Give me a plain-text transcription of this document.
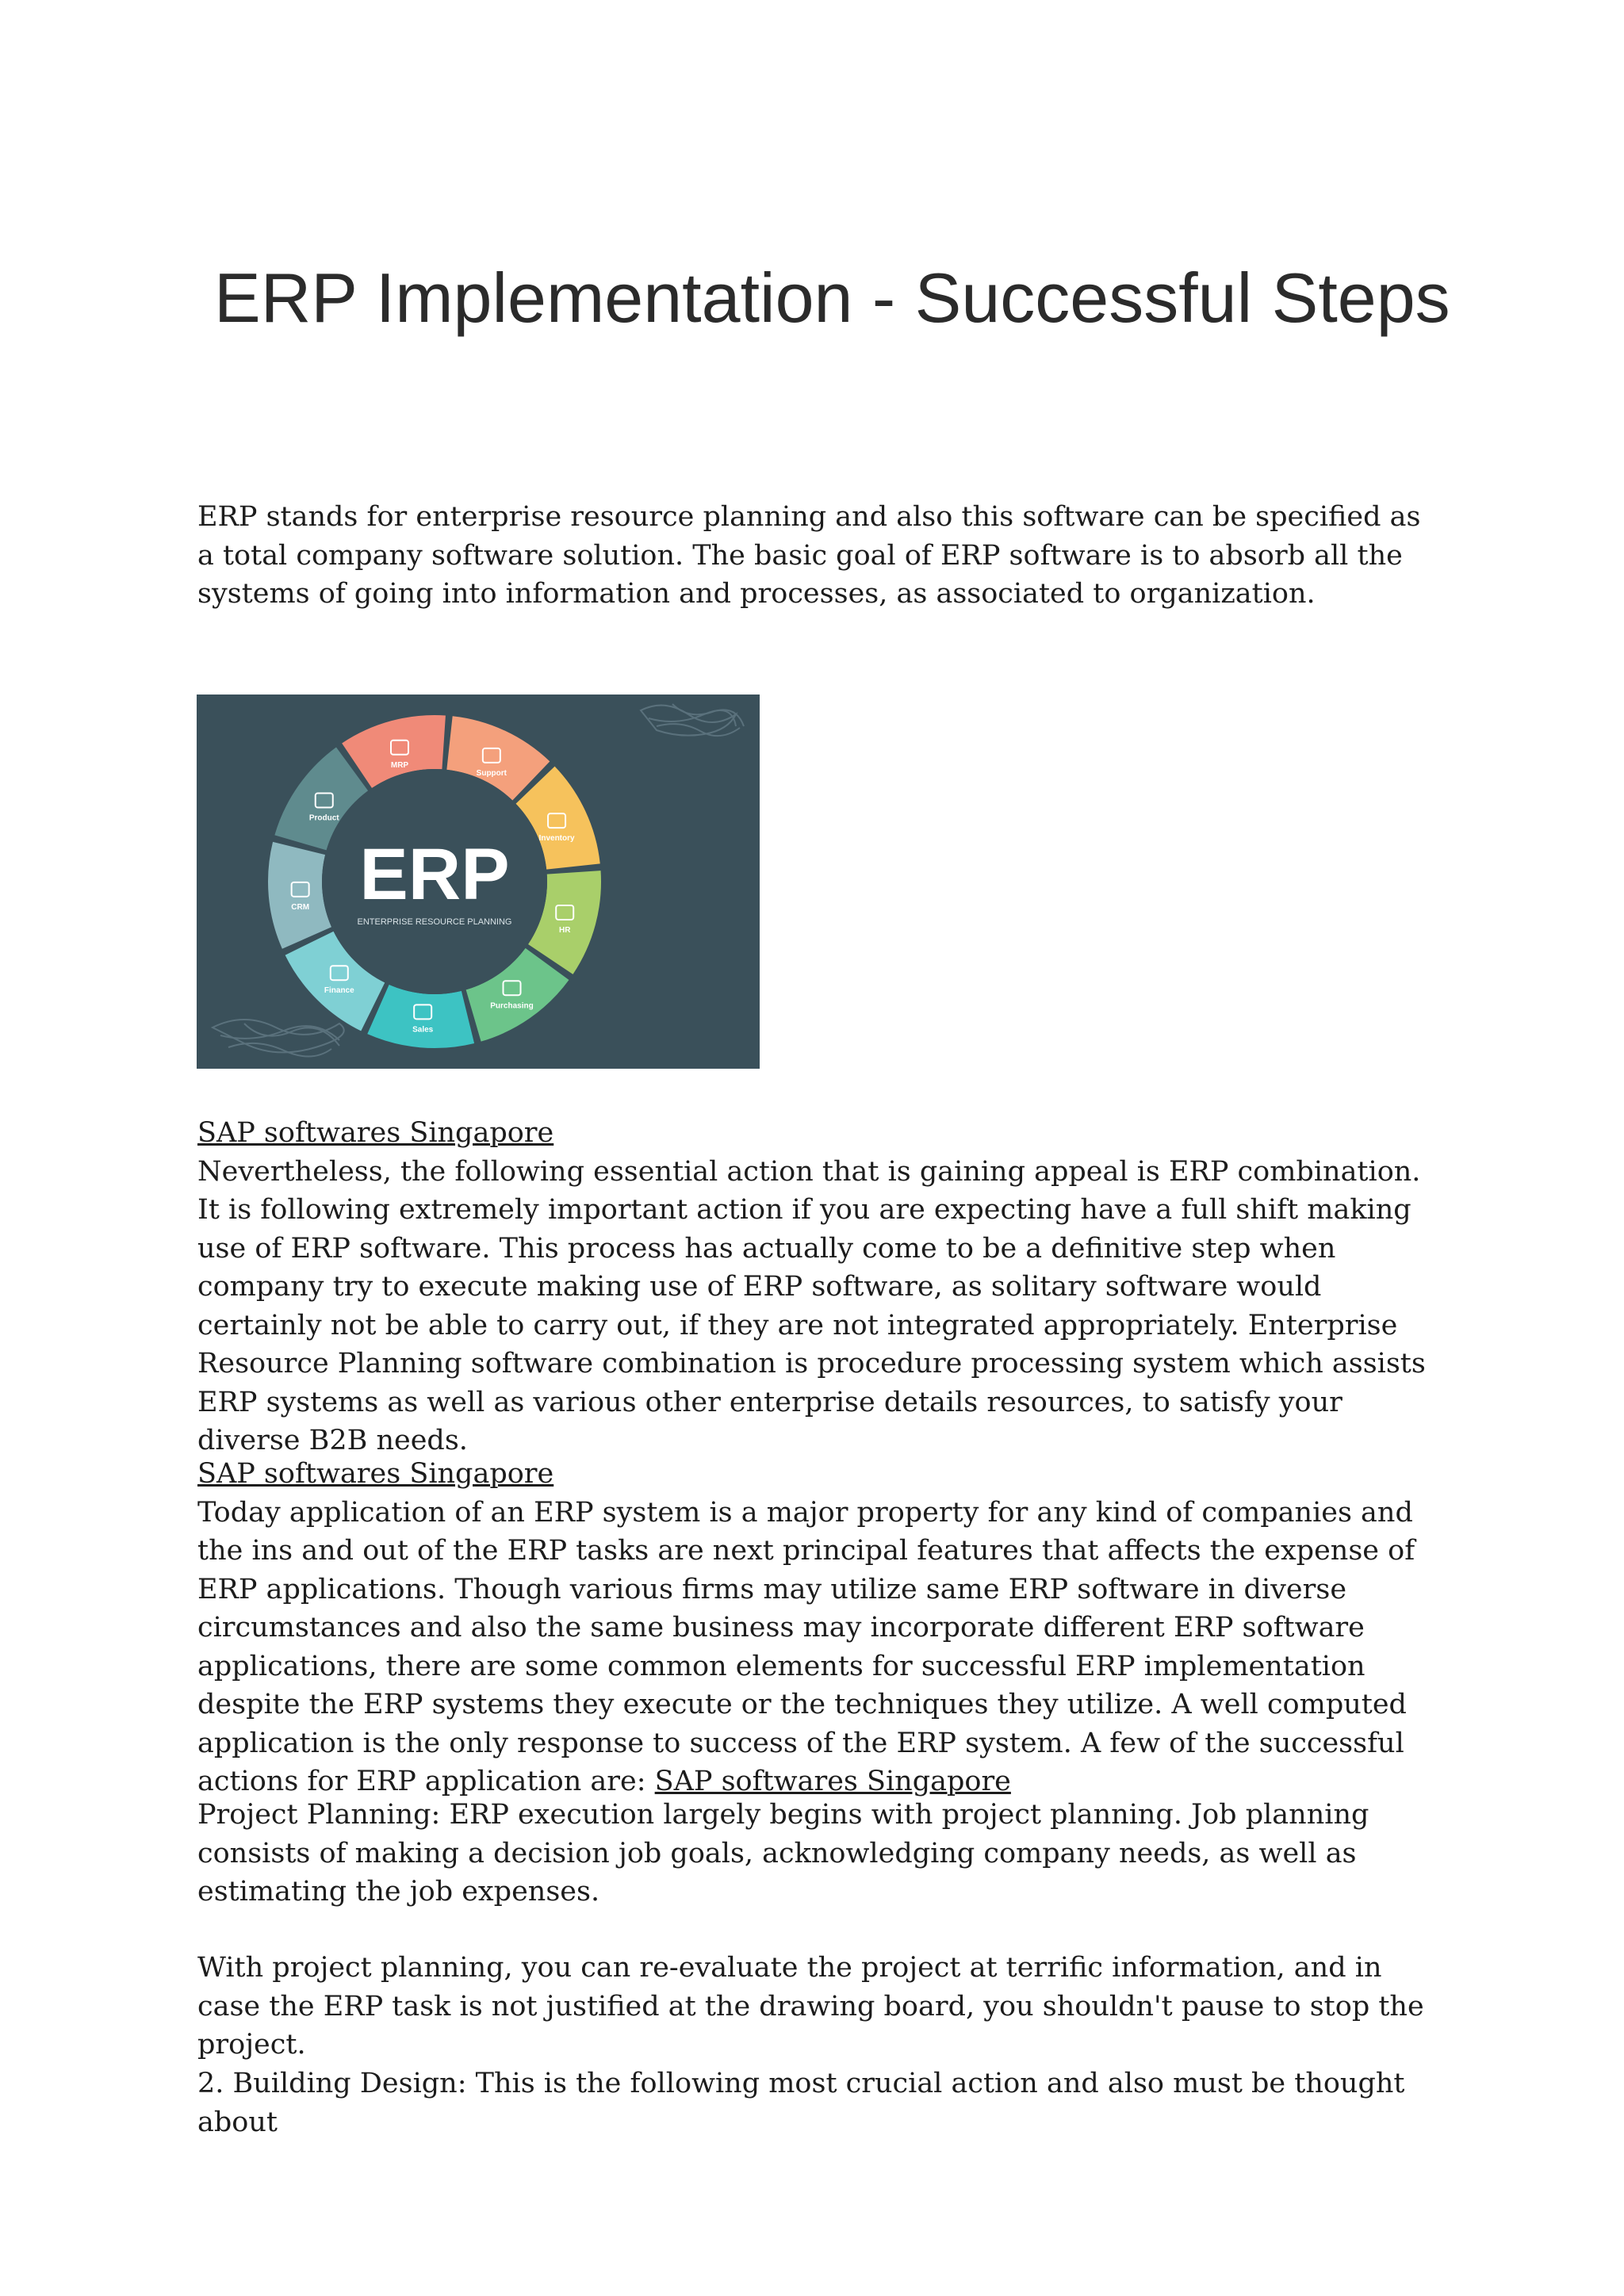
ERP Implementation - Successful Steps

ERP stands for enterprise resource planning and also this software can be specified as a total company software solution. The basic goal of ERP software is to absorb all the systems of going into information and processes, as associated to organization.

MRP
Support
Inventory
HR
Purchasing
Sales
Finance
CRM
Product
ERP
ENTERPRISE RESOURCE PLANNING

SAP softwares Singapore
Nevertheless, the following essential action that is gaining appeal is ERP combination. It is following extremely important action if you are expecting have a full shift making use of ERP software. This process has actually come to be a definitive step when company try to execute making use of ERP software, as solitary software would certainly not be able to carry out, if they are not integrated appropriately. Enterprise Resource Planning software combination is procedure processing system which assists ERP systems as well as various other enterprise details resources, to satisfy your diverse B2B needs.

SAP softwares Singapore
Today application of an ERP system is a major property for any kind of companies and the ins and out of the ERP tasks are next principal features that affects the expense of ERP applications. Though various firms may utilize same ERP software in diverse circumstances and also the same business may incorporate different ERP software applications, there are some common elements for successful ERP implementation despite the ERP systems they execute or the techniques they utilize. A well computed application is the only response to success of the ERP system. A few of the successful actions for ERP application are: SAP softwares Singapore

Project Planning: ERP execution largely begins with project planning. Job planning consists of making a decision job goals, acknowledging company needs, as well as estimating the job expenses.

With project planning, you can re-evaluate the project at terrific information, and in case the ERP task is not justified at the drawing board, you shouldn't pause to stop the project.

2. Building Design: This is the following most crucial action and also must be thought about
